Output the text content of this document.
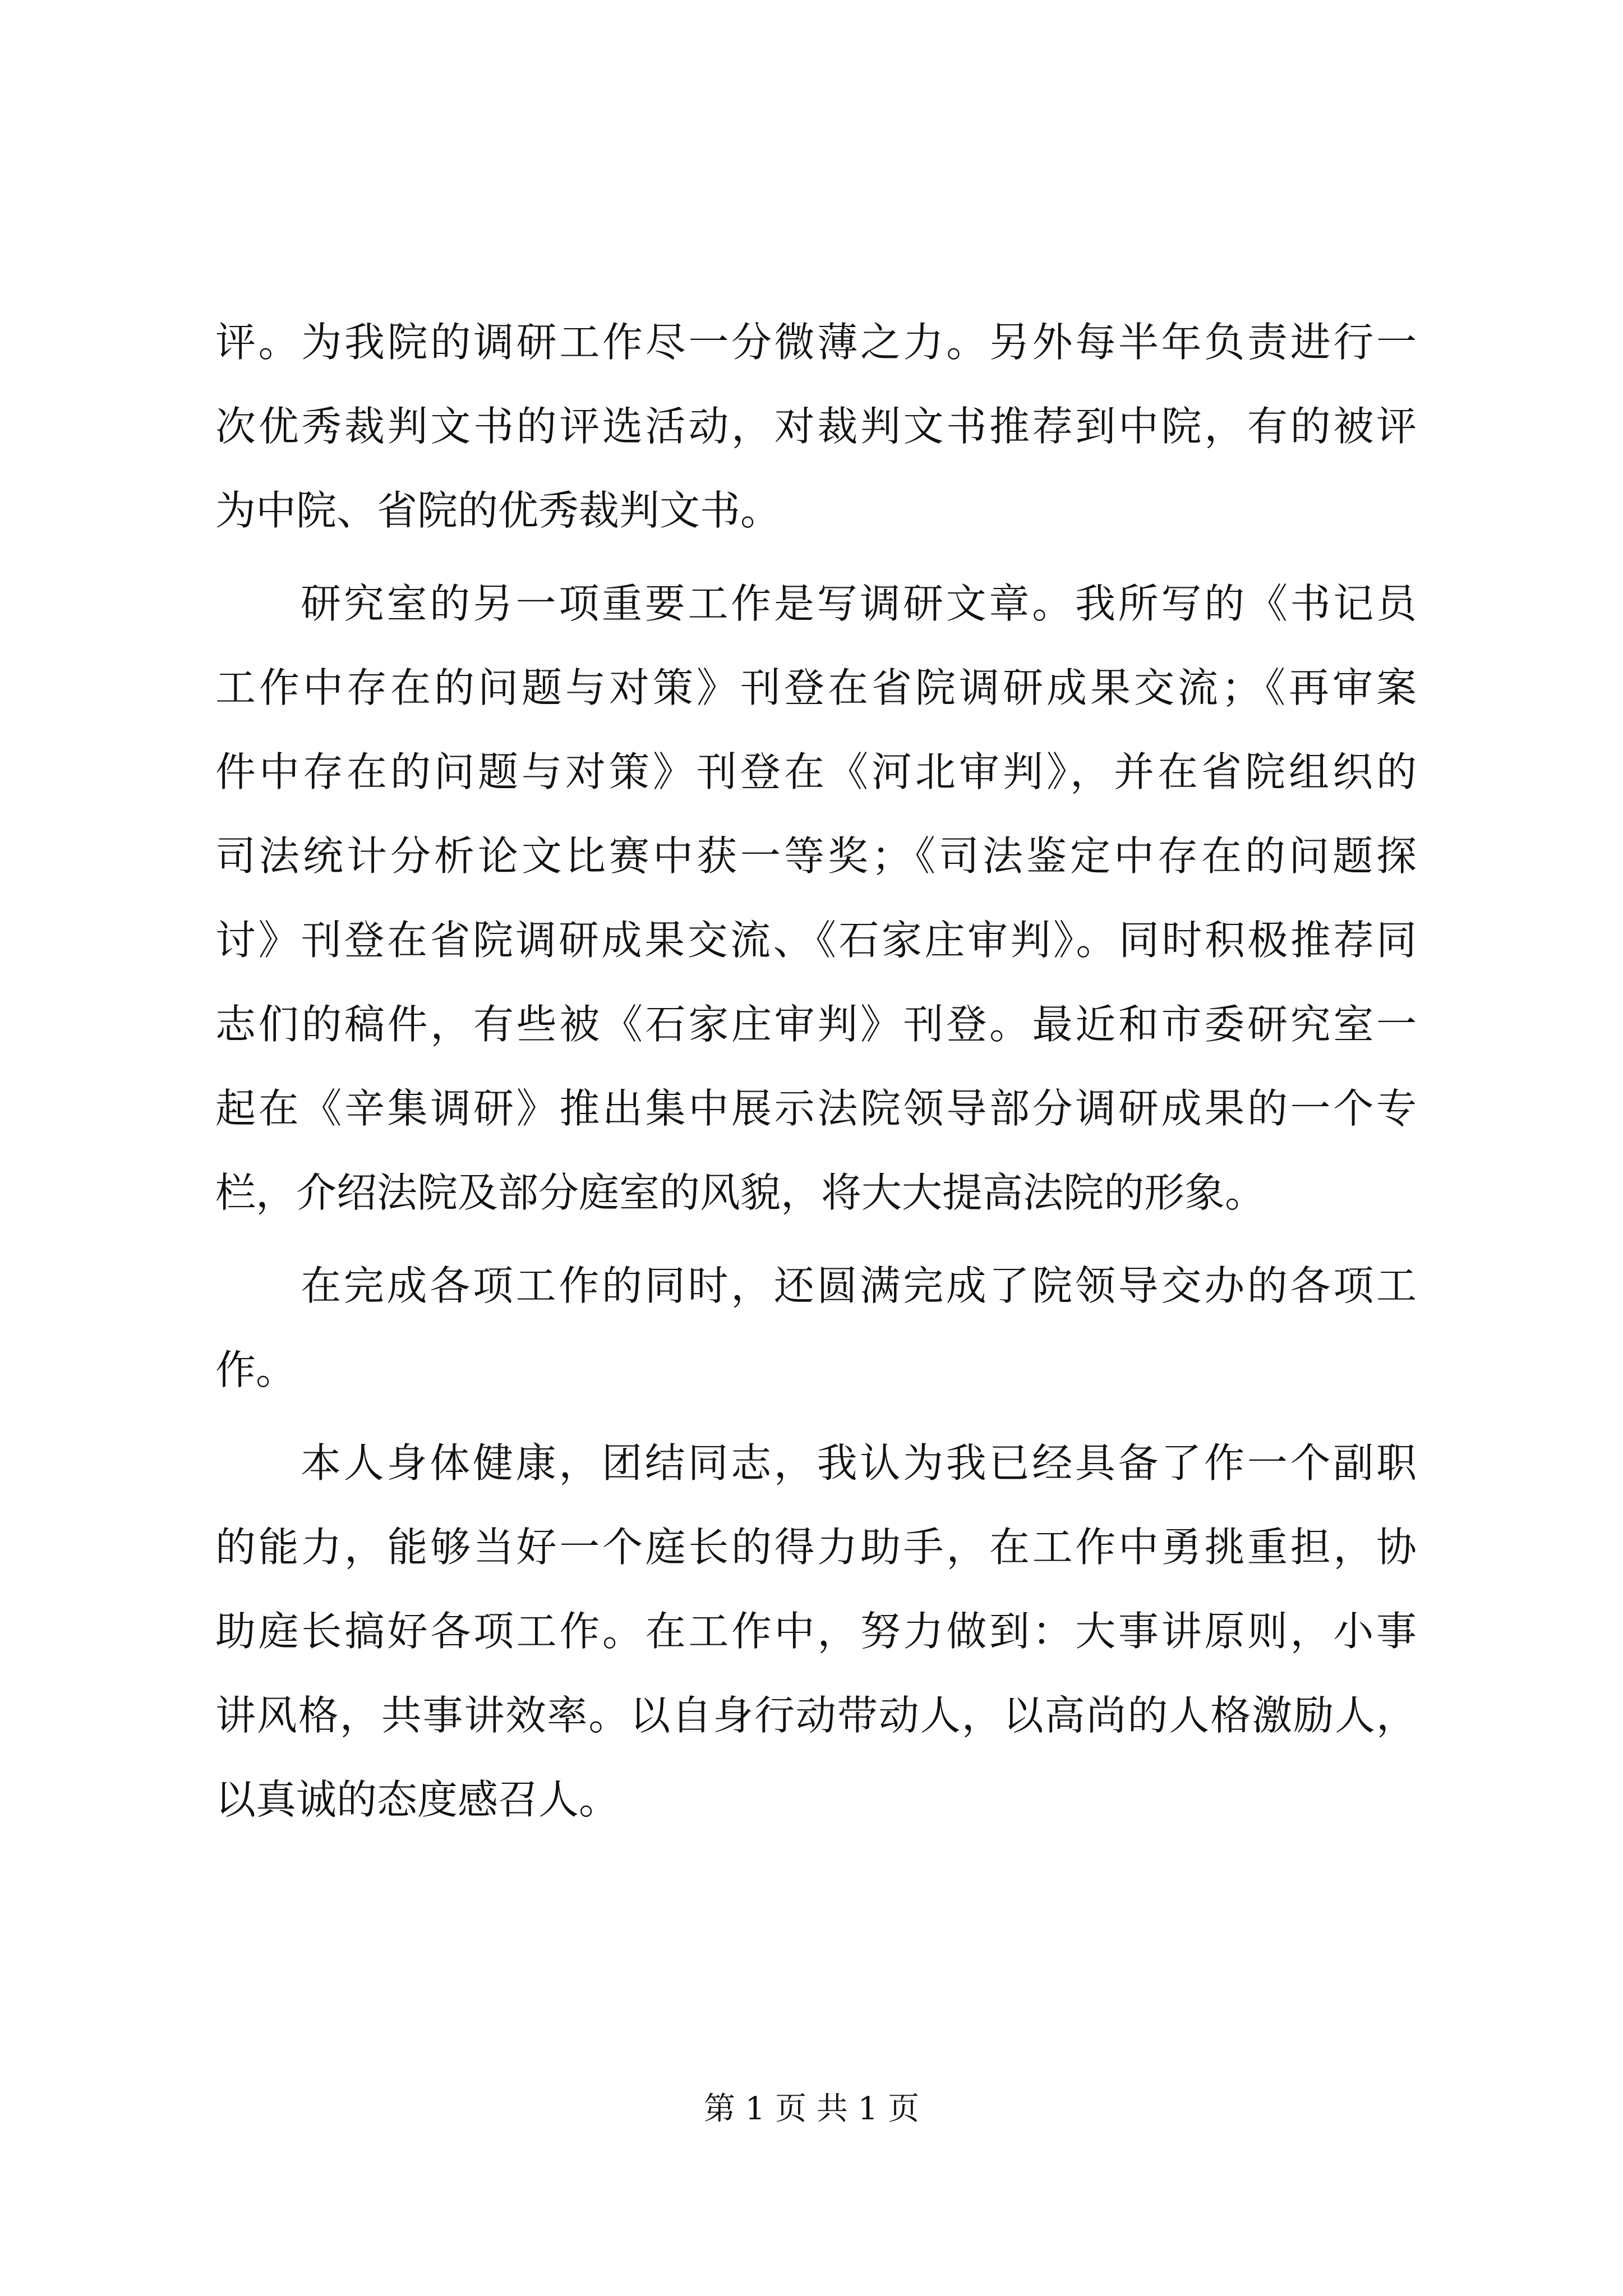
评。为我院的调研工作尽一分微薄之力。另外每半年负责进行一
次优秀裁判文书的评选活动，对裁判文书推荐到中院，有的被评
为中院、省院的优秀裁判文书。
研究室的另一项重要工作是写调研文章。我所写的《书记员
工作中存在的问题与对策》刊登在省院调研成果交流；《再审案
件中存在的问题与对策》刊登在《河北审判》，并在省院组织的
司法统计分析论文比赛中获一等奖；《司法鉴定中存在的问题探
讨》刊登在省院调研成果交流、《石家庄审判》。同时积极推荐同
志们的稿件，有些被《石家庄审判》刊登。最近和市委研究室一
起在《辛集调研》推出集中展示法院领导部分调研成果的一个专
栏，介绍法院及部分庭室的风貌，将大大提高法院的形象。
在完成各项工作的同时，还圆满完成了院领导交办的各项工
作。
本人身体健康，团结同志，我认为我已经具备了作一个副职
的能力，能够当好一个庭长的得力助手，在工作中勇挑重担，协
助庭长搞好各项工作。在工作中，努力做到：大事讲原则，小事
讲风格，共事讲效率。以自身行动带动人，以高尚的人格激励人，
以真诚的态度感召人。
第 1 页 共 1 页
